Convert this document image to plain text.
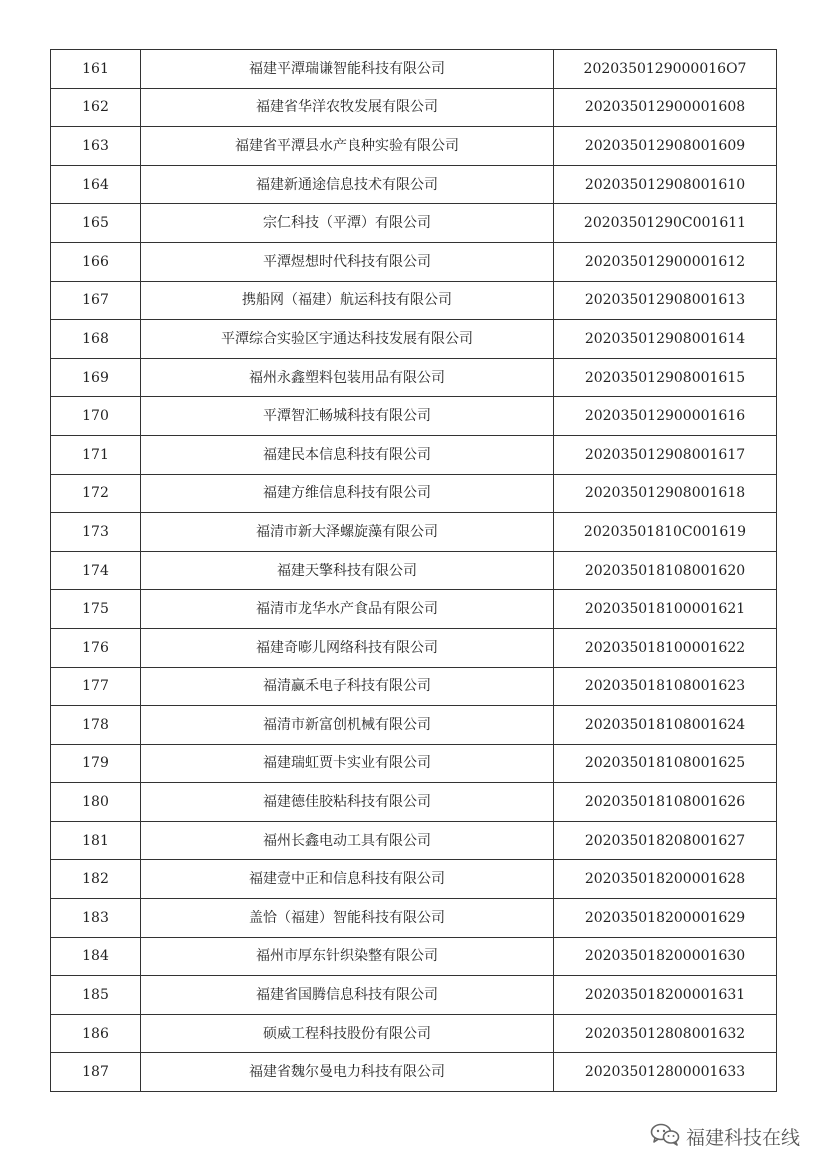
161	福建平潭瑞谦智能科技有限公司	2020350129000016O7
162	福建省华洋农牧发展有限公司	202035012900001608
163	福建省平潭县水产良种实验有限公司	202035012908001609
164	福建新通途信息技术有限公司	202035012908001610
165	宗仁科技（平潭）有限公司	20203501290C001611
166	平潭煜想时代科技有限公司	202035012900001612
167	携船网（福建）航运科技有限公司	202035012908001613
168	平潭综合实验区宇通达科技发展有限公司	202035012908001614
169	福州永鑫塑料包装用品有限公司	202035012908001615
170	平潭智汇畅城科技有限公司	202035012900001616
171	福建民本信息科技有限公司	202035012908001617
172	福建方维信息科技有限公司	202035012908001618
173	福清市新大泽螺旋藻有限公司	20203501810C001619
174	福建天擎科技有限公司	202035018108001620
175	福清市龙华水产食品有限公司	202035018100001621
176	福建奇嘭儿网络科技有限公司	202035018100001622
177	福清赢禾电子科技有限公司	202035018108001623
178	福清市新富创机械有限公司	202035018108001624
179	福建瑞虹贾卡实业有限公司	202035018108001625
180	福建德佳胶粘科技有限公司	202035018108001626
181	福州长鑫电动工具有限公司	202035018208001627
182	福建壹中正和信息科技有限公司	202035018200001628
183	盖恰（福建）智能科技有限公司	202035018200001629
184	福州市厚东针织染整有限公司	202035018200001630
185	福建省国腾信息科技有限公司	202035018200001631
186	硕威工程科技股份有限公司	202035012808001632
187	福建省魏尔曼电力科技有限公司	202035012800001633
福建科技在线
